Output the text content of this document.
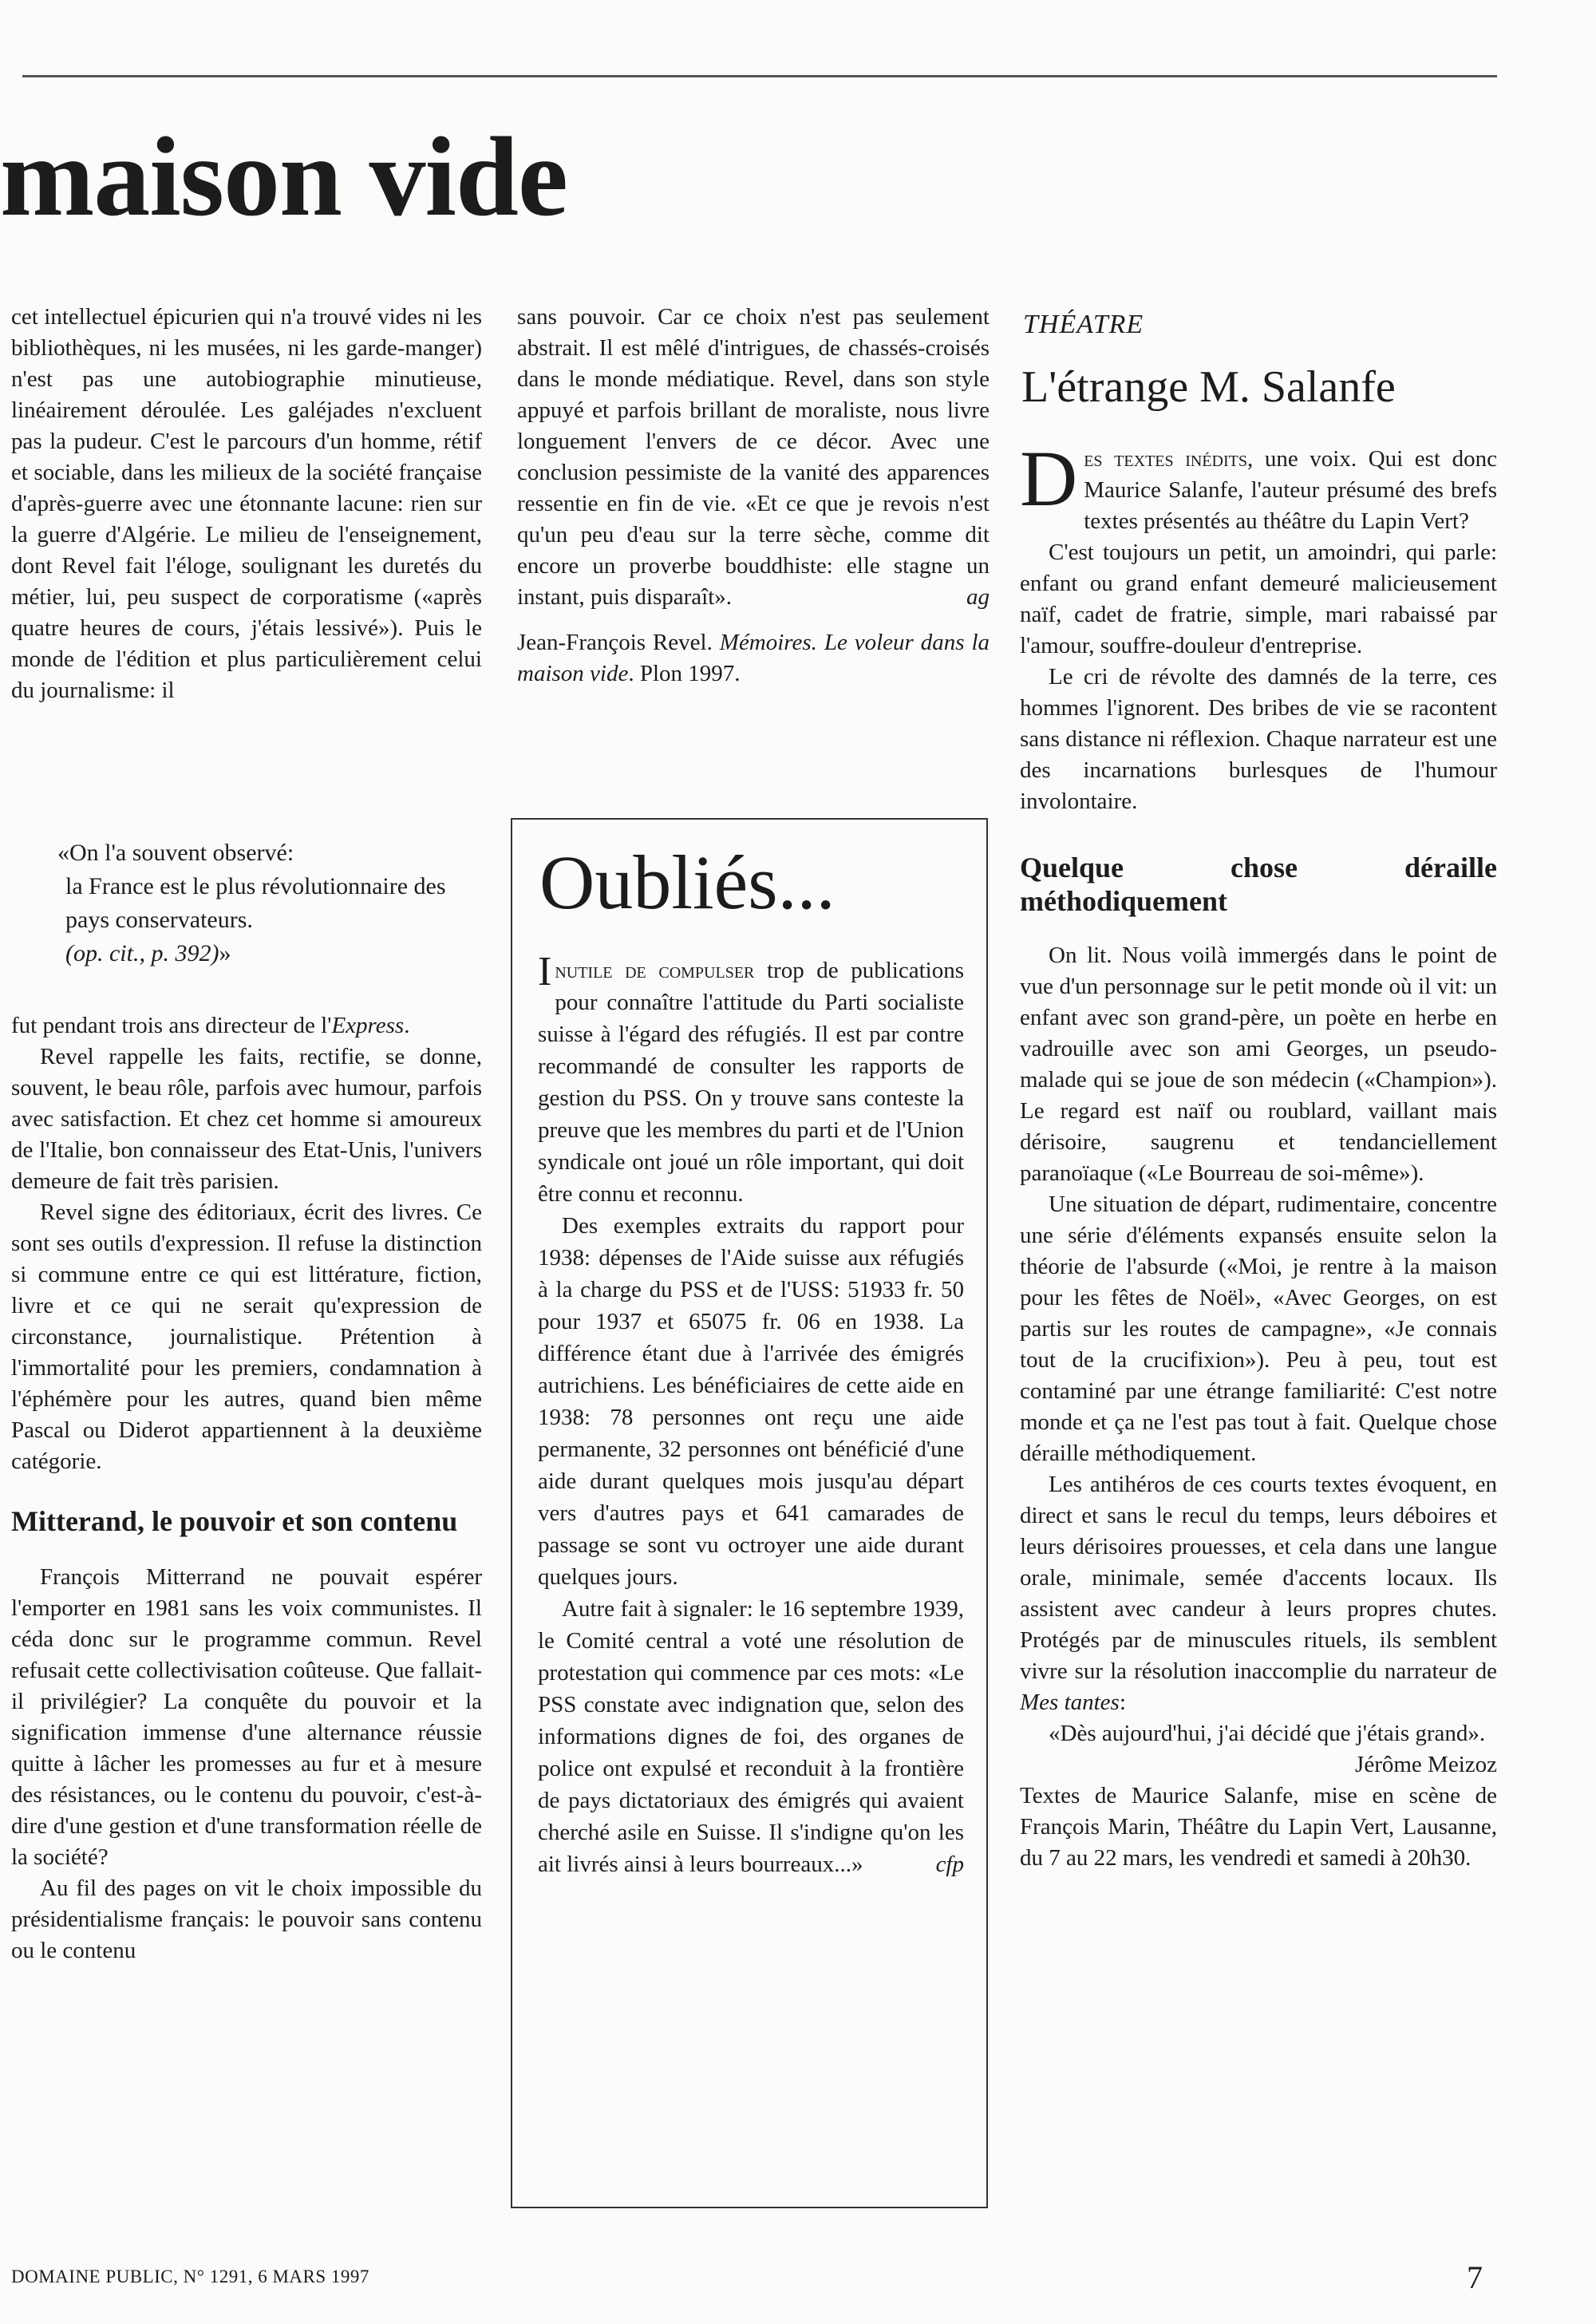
maison vide

cet intellectuel épicurien qui n'a trouvé vides ni les bibliothèques, ni les musées, ni les garde-manger) n'est pas une autobiographie minutieuse, linéairement déroulée. Les galéjades n'excluent pas la pudeur. C'est le parcours d'un homme, rétif et sociable, dans les milieux de la société française d'après-guerre avec une étonnante lacune: rien sur la guerre d'Algérie. Le milieu de l'enseignement, dont Revel fait l'éloge, soulignant les duretés du métier, lui, peu suspect de corporatisme («après quatre heures de cours, j'étais lessivé»). Puis le monde de l'édition et plus particulièrement celui du journalisme: il

«On l'a souvent observé:

la France est le plus révolutionnaire des pays conservateurs.

(op. cit., p. 392)»

fut pendant trois ans directeur de l'Express.

Revel rappelle les faits, rectifie, se donne, souvent, le beau rôle, parfois avec humour, parfois avec satisfaction. Et chez cet homme si amoureux de l'Italie, bon connaisseur des Etat-Unis, l'univers demeure de fait très parisien.

Revel signe des éditoriaux, écrit des livres. Ce sont ses outils d'expression. Il refuse la distinction si commune entre ce qui est littérature, fiction, livre et ce qui ne serait qu'expression de circonstance, journalistique. Prétention à l'immortalité pour les premiers, condamnation à l'éphémère pour les autres, quand bien même Pascal ou Diderot appartiennent à la deuxième catégorie.

Mitterand, le pouvoir et son contenu

François Mitterrand ne pouvait espérer l'emporter en 1981 sans les voix communistes. Il céda donc sur le programme commun. Revel refusait cette collectivisation coûteuse. Que fallait-il privilégier? La conquête du pouvoir et la signification immense d'une alternance réussie quitte à lâcher les promesses au fur et à mesure des résistances, ou le contenu du pouvoir, c'est-à-dire d'une gestion et d'une transformation réelle de la société?

Au fil des pages on vit le choix impossible du présidentialisme français: le pouvoir sans contenu ou le contenu

sans pouvoir. Car ce choix n'est pas seulement abstrait. Il est mêlé d'intrigues, de chassés-croisés dans le monde médiatique. Revel, dans son style appuyé et parfois brillant de moraliste, nous livre longuement l'envers de ce décor. Avec une conclusion pessimiste de la vanité des apparences ressentie en fin de vie. «Et ce que je revois n'est qu'un peu d'eau sur la terre sèche, comme dit encore un proverbe bouddhiste: elle stagne un instant, puis disparaît».	ag

Jean-François Revel. Mémoires. Le voleur dans la maison vide. Plon 1997.

Oubliés...

Inutile de compulser trop de publications pour connaître l'attitude du Parti socialiste suisse à l'égard des réfugiés. Il est par contre recommandé de consulter les rapports de gestion du PSS. On y trouve sans conteste la preuve que les membres du parti et de l'Union syndicale ont joué un rôle important, qui doit être connu et reconnu.

Des exemples extraits du rapport pour 1938: dépenses de l'Aide suisse aux réfugiés à la charge du PSS et de l'USS: 51933 fr. 50 pour 1937 et 65075 fr. 06 en 1938. La différence étant due à l'arrivée des émigrés autrichiens. Les bénéficiaires de cette aide en 1938: 78 personnes ont reçu une aide permanente, 32 personnes ont bénéficié d'une aide durant quelques mois jusqu'au départ vers d'autres pays et 641 camarades de passage se sont vu octroyer une aide durant quelques jours.

Autre fait à signaler: le 16 septembre 1939, le Comité central a voté une résolution de protestation qui commence par ces mots: «Le PSS constate avec indignation que, selon des informations dignes de foi, des organes de police ont expulsé et reconduit à la frontière de pays dictatoriaux des émigrés qui avaient cherché asile en Suisse. Il s'indigne qu'on les ait livrés ainsi à leurs bourreaux...»	cfp

THÉATRE
L'étrange M. Salanfe

Des textes inédits, une voix. Qui est donc Maurice Salanfe, l'auteur présumé des brefs textes présentés au théâtre du Lapin Vert?

C'est toujours un petit, un amoindri, qui parle: enfant ou grand enfant demeuré malicieusement naïf, cadet de fratrie, simple, mari rabaissé par l'amour, souffre-douleur d'entreprise.

Le cri de révolte des damnés de la terre, ces hommes l'ignorent. Des bribes de vie se racontent sans distance ni réflexion. Chaque narrateur est une des incarnations burlesques de l'humour involontaire.

Quelque chose déraille méthodiquement

On lit. Nous voilà immergés dans le point de vue d'un personnage sur le petit monde où il vit: un enfant avec son grand-père, un poète en herbe en vadrouille avec son ami Georges, un pseudo-malade qui se joue de son médecin («Champion»). Le regard est naïf ou roublard, vaillant mais dérisoire, saugrenu et tendanciellement paranoïaque («Le Bourreau de soi-même»).

Une situation de départ, rudimentaire, concentre une série d'éléments expansés ensuite selon la théorie de l'absurde («Moi, je rentre à la maison pour les fêtes de Noël», «Avec Georges, on est partis sur les routes de campagne», «Je connais tout de la crucifixion»). Peu à peu, tout est contaminé par une étrange familiarité: C'est notre monde et ça ne l'est pas tout à fait. Quelque chose déraille méthodiquement.

Les antihéros de ces courts textes évoquent, en direct et sans le recul du temps, leurs déboires et leurs dérisoires prouesses, et cela dans une langue orale, minimale, semée d'accents locaux. Ils assistent avec candeur à leurs propres chutes. Protégés par de minuscules rituels, ils semblent vivre sur la résolution inaccomplie du narrateur de Mes tantes:

«Dès aujourd'hui, j'ai décidé que j'étais grand».
Jérôme Meizoz

Textes de Maurice Salanfe, mise en scène de François Marin, Théâtre du Lapin Vert, Lausanne, du 7 au 22 mars, les vendredi et samedi à 20h30.

DOMAINE PUBLIC, N° 1291, 6 MARS 1997	7
